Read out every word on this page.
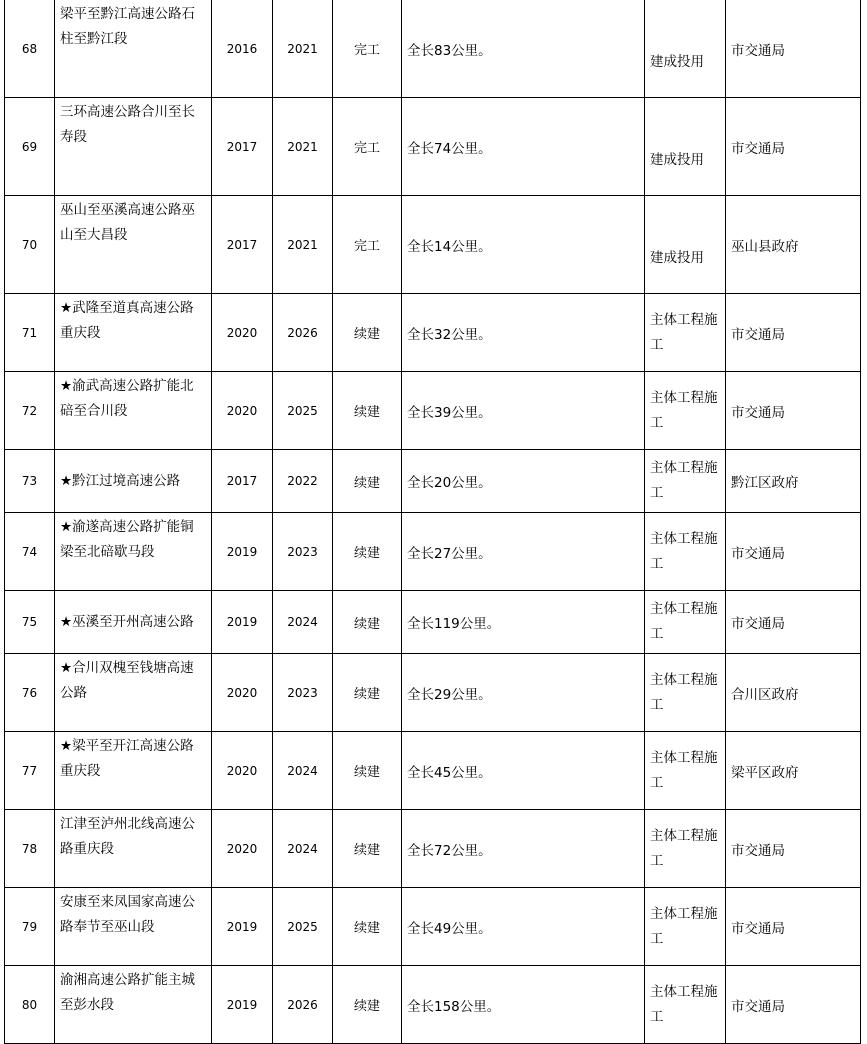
68	梁平至黔江高速公路石柱至黔江段	2016	2021	完工	全长83公里。	建成投用	市交通局
69	三环高速公路合川至长寿段	2017	2021	完工	全长74公里。	建成投用	市交通局
70	巫山至巫溪高速公路巫山至大昌段	2017	2021	完工	全长14公里。	建成投用	巫山县政府
71	★武隆至道真高速公路重庆段	2020	2026	续建	全长32公里。	主体工程施工	市交通局
72	★渝武高速公路扩能北碚至合川段	2020	2025	续建	全长39公里。	主体工程施工	市交通局
73	★黔江过境高速公路	2017	2022	续建	全长20公里。	主体工程施工	黔江区政府
74	★渝遂高速公路扩能铜梁至北碚歇马段	2019	2023	续建	全长27公里。	主体工程施工	市交通局
75	★巫溪至开州高速公路	2019	2024	续建	全长119公里。	主体工程施工	市交通局
76	★合川双槐至钱塘高速公路	2020	2023	续建	全长29公里。	主体工程施工	合川区政府
77	★梁平至开江高速公路重庆段	2020	2024	续建	全长45公里。	主体工程施工	梁平区政府
78	江津至泸州北线高速公路重庆段	2020	2024	续建	全长72公里。	主体工程施工	市交通局
79	安康至来凤国家高速公路奉节至巫山段	2019	2025	续建	全长49公里。	主体工程施工	市交通局
80	渝湘高速公路扩能主城至彭水段	2019	2026	续建	全长158公里。	主体工程施工	市交通局
